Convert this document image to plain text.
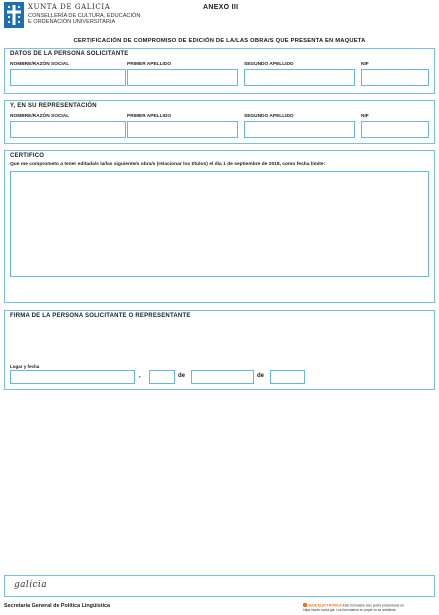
XUNTA DE GALICIA
CONSELLERÍA DE CULTURA, EDUCACIÓN
E ORDENACIÓN UNIVERSITARIA
ANEXO III
CERTIFICACIÓN DE COMPROMISO DE EDICIÓN DE LA/LAS OBRA/S QUE PRESENTA EN MAQUETA
DATOS DE LA PERSONA SOLICITANTE
NOMBRE/RAZÓN SOCIAL	PRIMER APELLIDO	SEGUNDO APELLIDO	NIF
Y, EN SU REPRESENTACIÓN
NOMBRE/RAZÓN SOCIAL	PRIMER APELLIDO	SEGUNDO APELLIDO	NIF
CERTIFICO
Que me comprometo a tener editada/s la/las siguiente/s obra/s (relacionar los títulos) el día 1 de septiembre de 2018, como fecha límite:
FIRMA DE LA PERSONA SOLICITANTE O REPRESENTANTE
Lugar y fecha
,	de	de
galicia
Secretaría General de Política Lingüística	SEDE ELECTRÓNICA Este formulario sólo podrá presentarse en https://sede.xunta.gal. Los formularios en papel no se admitirán
